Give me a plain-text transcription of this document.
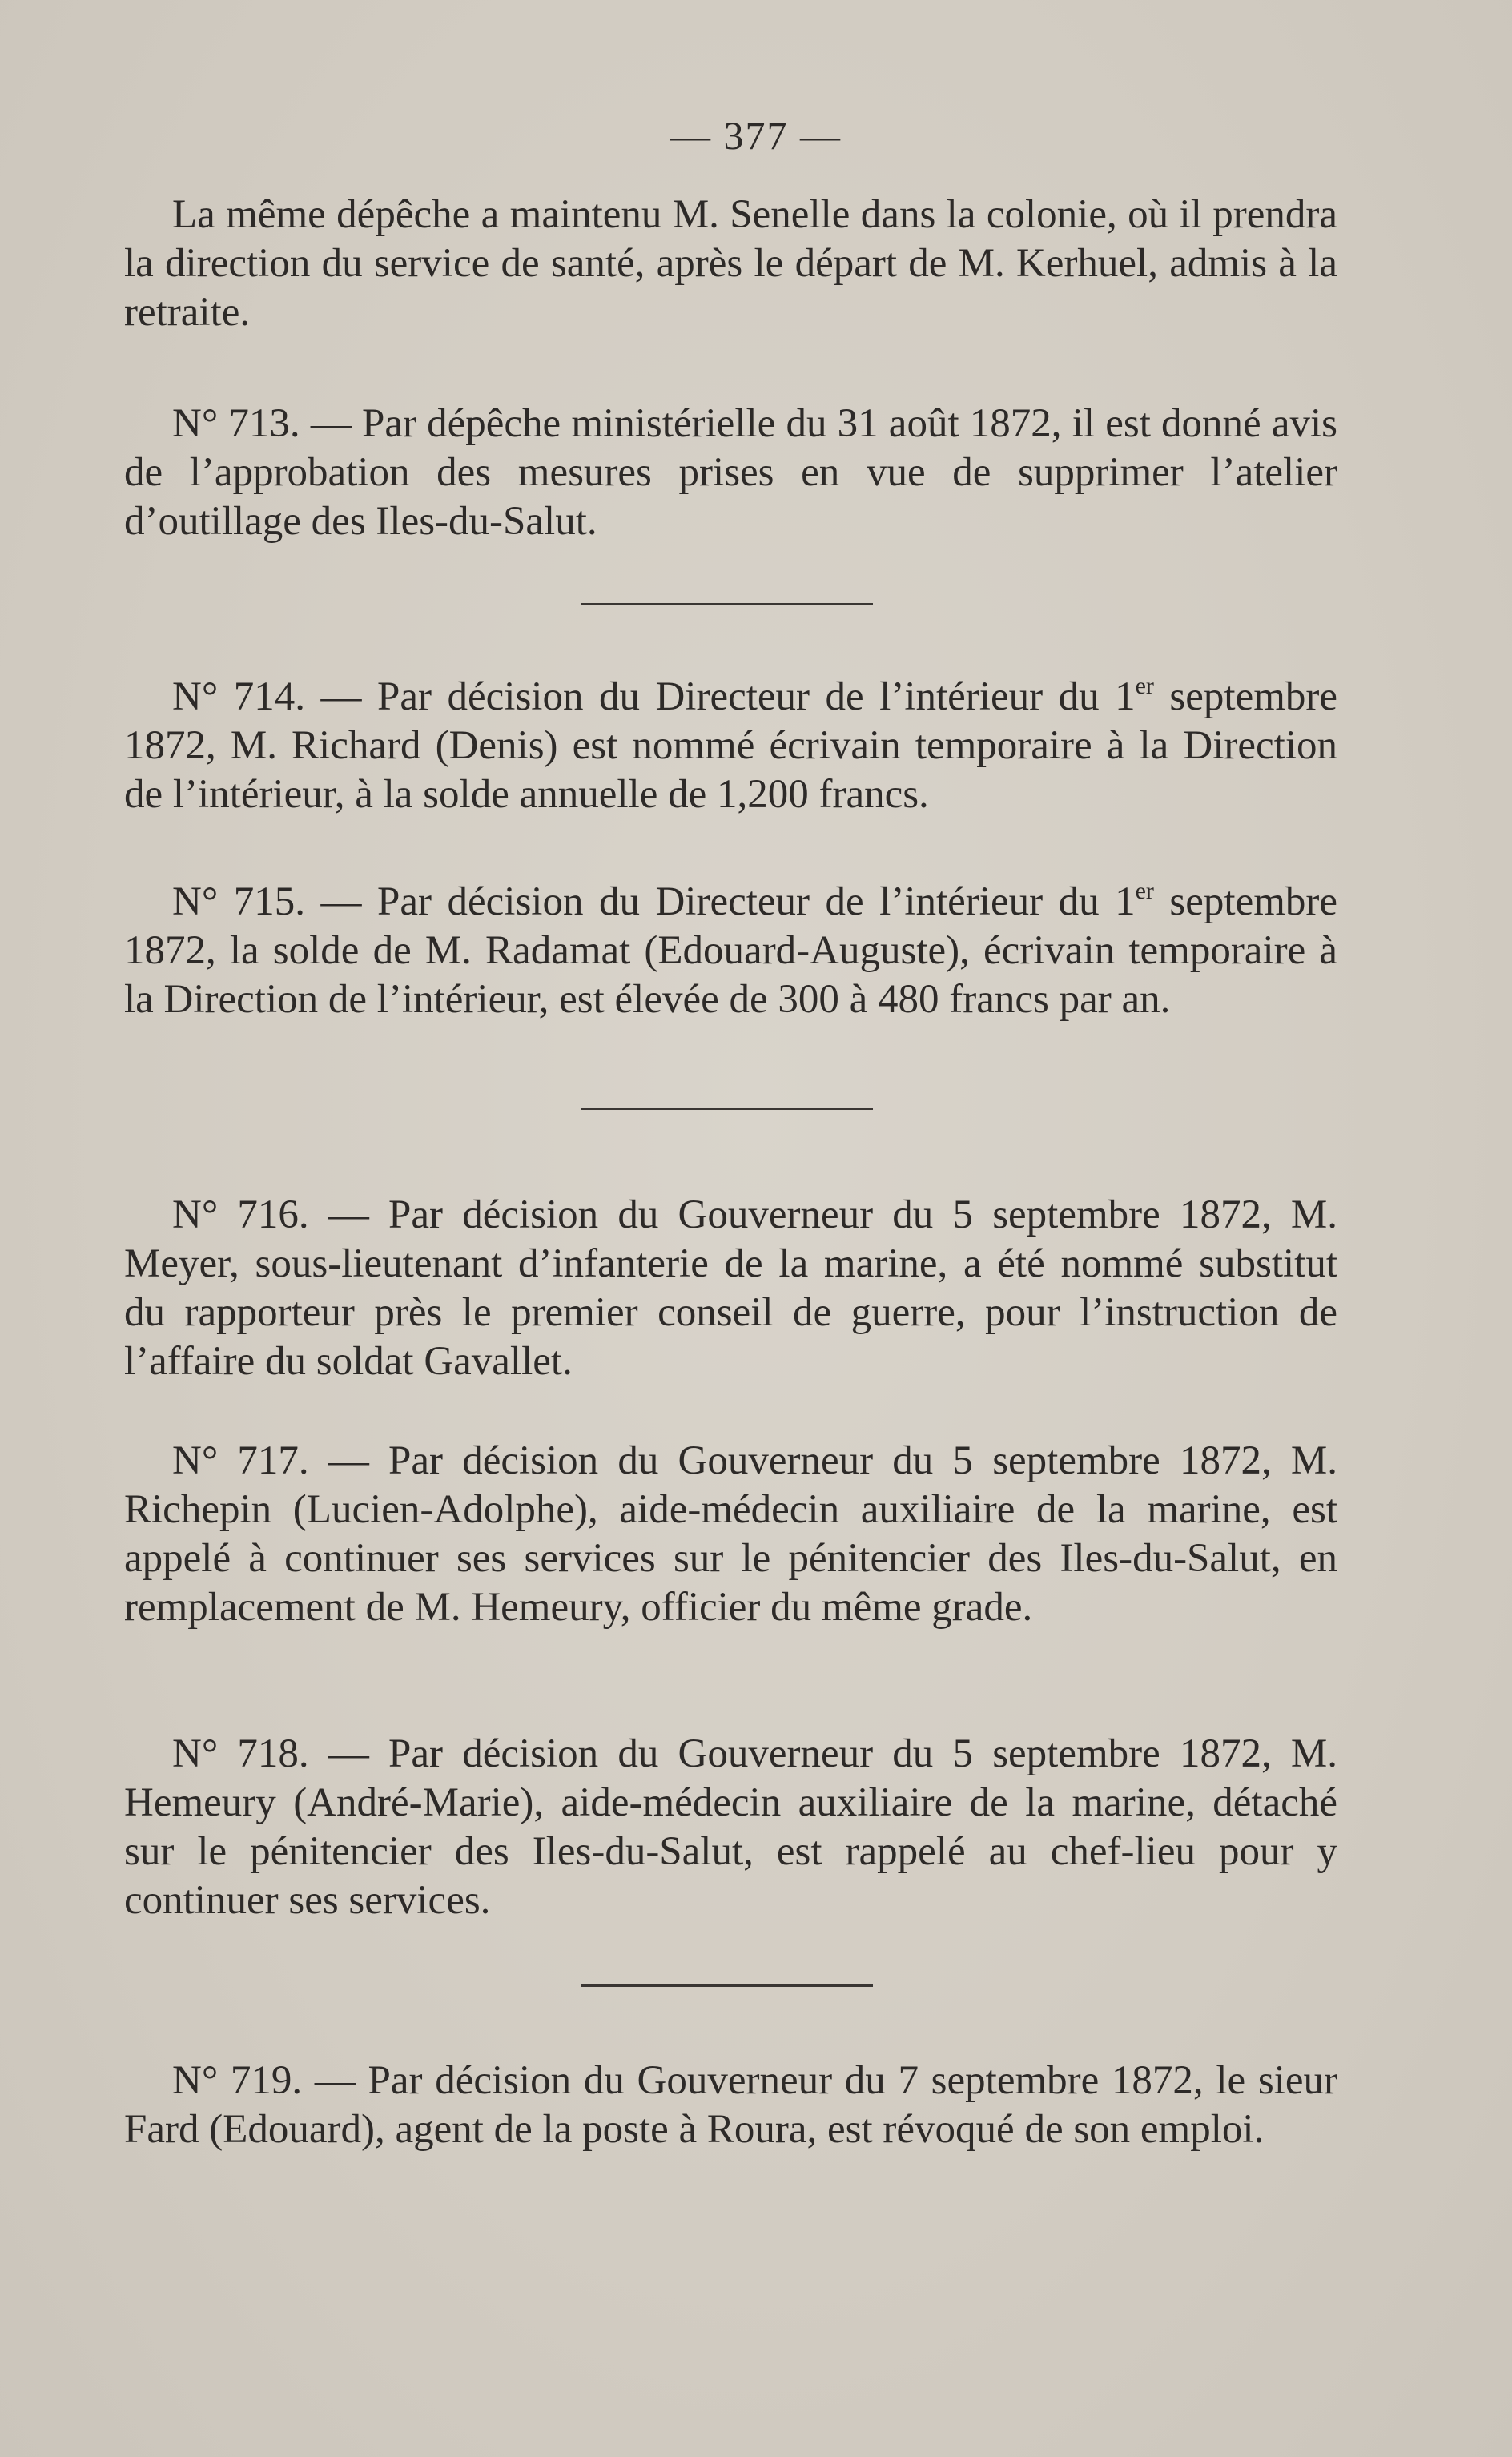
— 377 —

La même dépêche a maintenu M. Senelle dans la colonie, où il prendra la direction du service de santé, après le départ de M. Kerhuel, admis à la retraite.

N° 713. — Par dépêche ministérielle du 31 août 1872, il est donné avis de l’approbation des mesures prises en vue de supprimer l’atelier d’outillage des Iles-du-Salut.

N° 714. — Par décision du Directeur de l’intérieur du 1er septembre 1872, M. Richard (Denis) est nommé écrivain temporaire à la Direction de l’intérieur, à la solde annuelle de 1,200 francs.

N° 715. — Par décision du Directeur de l’intérieur du 1er septembre 1872, la solde de M. Radamat (Edouard-Auguste), écrivain temporaire à la Direction de l’intérieur, est élevée de 300 à 480 francs par an.

N° 716. — Par décision du Gouverneur du 5 septembre 1872, M. Meyer, sous-lieutenant d’infanterie de la marine, a été nommé substitut du rapporteur près le premier conseil de guerre, pour l’instruction de l’affaire du soldat Gavallet.

N° 717. — Par décision du Gouverneur du 5 septembre 1872, M. Richepin (Lucien-Adolphe), aide-médecin auxiliaire de la marine, est appelé à continuer ses services sur le pénitencier des Iles-du-Salut, en remplacement de M. Hemeury, officier du même grade.

N° 718. — Par décision du Gouverneur du 5 septembre 1872, M. Hemeury (André-Marie), aide-médecin auxiliaire de la marine, détaché sur le pénitencier des Iles-du-Salut, est rappelé au chef-lieu pour y continuer ses services.

N° 719. — Par décision du Gouverneur du 7 septembre 1872, le sieur Fard (Edouard), agent de la poste à Roura, est révoqué de son emploi.
